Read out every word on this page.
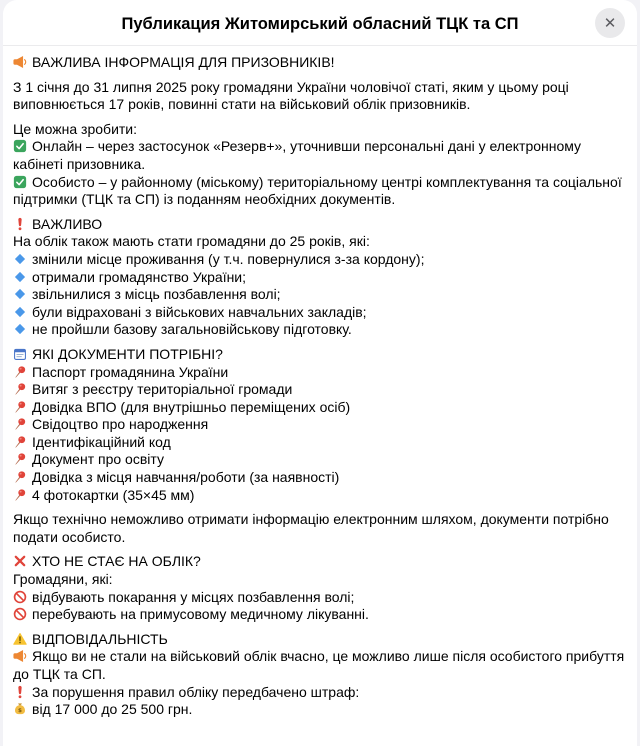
Публикация Житомирський обласний ТЦК та СП	✕

ВАЖЛИВА ІНФОРМАЦІЯ ДЛЯ ПРИЗОВНИКІВ!

З 1 січня до 31 липня 2025 року громадяни України чоловічої статі, яким у цьому році виповнюється 17 років, повинні стати на військовий облік призовників.

Це можна зробити:

Онлайн – через застосунок «Резерв+», уточнивши персональні дані у електронному кабінеті призовника.

Особисто – у районному (міському) територіальному центрі комплектування та соціальної підтримки (ТЦК та СП) із поданням необхідних документів.

ВАЖЛИВО

На облік також мають стати громадяни до 25 років, які:

змінили місце проживання (у т.ч. повернулися з-за кордону);

отримали громадянство України;

звільнилися з місць позбавлення волі;

були відраховані з військових навчальних закладів;

не пройшли базову загальновійськову підготовку.

ЯКІ ДОКУМЕНТИ ПОТРІБНІ?

Паспорт громадянина України

Витяг з реєстру територіальної громади

Довідка ВПО (для внутрішньо переміщених осіб)

Свідоцтво про народження

Ідентифікаційний код

Документ про освіту

Довідка з місця навчання/роботи (за наявності)

4 фотокартки (35×45 мм)

Якщо технічно неможливо отримати інформацію електронним шляхом, документи потрібно подати особисто.

ХТО НЕ СТАЄ НА ОБЛІК?

Громадяни, які:

відбувають покарання у місцях позбавлення волі;

перебувають на примусовому медичному лікуванні.

ВІДПОВІДАЛЬНІСТЬ

Якщо ви не стали на військовий облік вчасно, це можливо лише після особистого прибуття до ТЦК та СП.

За порушення правил обліку передбачено штраф:

$ від 17 000 до 25 500 грн.
